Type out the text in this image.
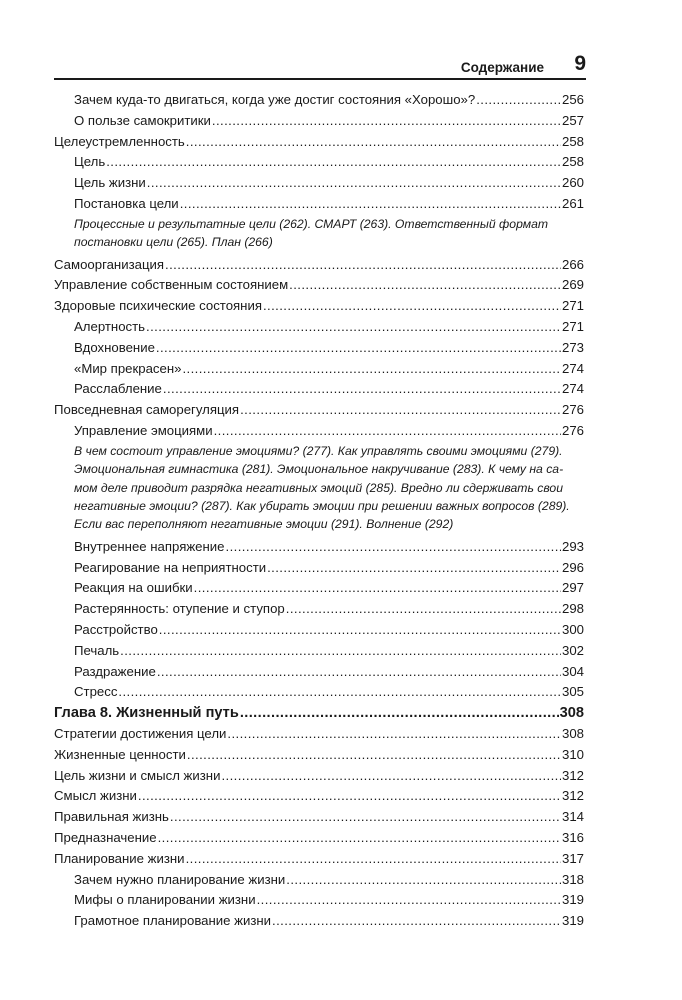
Содержание 9
Зачем куда-то двигаться, когда уже достиг состояния «Хорошо»? .....	256
О пользе самокритики .....	257
Целеустремленность .....	258
Цель .....	258
Цель жизни .....	260
Постановка цели .....	261
Процессные и результатные цели (262). СМАРТ (263). Ответственный формат
постановки цели (265). План (266)
Самоорганизация .....	266
Управление собственным состоянием .....	269
Здоровые психические состояния .....	271
Алертность .....	271
Вдохновение .....	273
«Мир прекрасен» .....	274
Расслабление .....	274
Повседневная саморегуляция .....	276
Управление эмоциями .....	276
В чем состоит управление эмоциями? (277). Как управлять своими эмоциями (279).
Эмоциональная гимнастика (281). Эмоциональное накручивание (283). К чему на са-
мом деле приводит разрядка негативных эмоций (285). Вредно ли сдерживать свои
негативные эмоции? (287). Как убирать эмоции при решении важных вопросов (289).
Если вас переполняют негативные эмоции (291). Волнение (292)
Внутреннее напряжение .....	293
Реагирование на неприятности .....	296
Реакция на ошибки .....	297
Растерянность: отупение и ступор .....	298
Расстройство .....	300
Печаль .....	302
Раздражение .....	304
Стресс .....	305
Глава 8. Жизненный путь .....	308
Стратегии достижения цели .....	308
Жизненные ценности .....	310
Цель жизни и смысл жизни .....	312
Смысл жизни .....	312
Правильная жизнь .....	314
Предназначение .....	316
Планирование жизни .....	317
Зачем нужно планирование жизни .....	318
Мифы о планировании жизни .....	319
Грамотное планирование жизни .....	319
